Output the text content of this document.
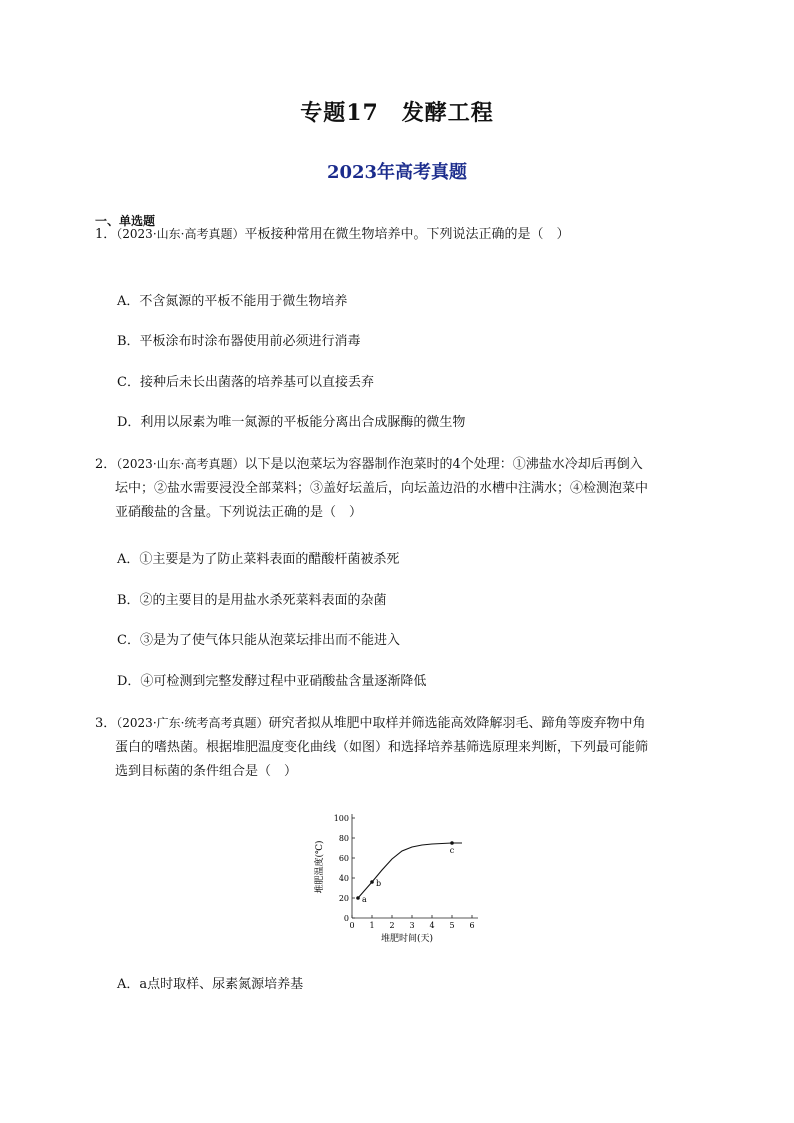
专题17　发酵工程
2023年高考真题
一、单选题
1．（2023·山东·高考真题）平板接种常用在微生物培养中。下列说法正确的是（　）
A．不含氮源的平板不能用于微生物培养
B．平板涂布时涂布器使用前必须进行消毒
C．接种后未长出菌落的培养基可以直接丢弃
D．利用以尿素为唯一氮源的平板能分离出合成脲酶的微生物
2．（2023·山东·高考真题）以下是以泡菜坛为容器制作泡菜时的4个处理：①沸盐水冷却后再倒入
坛中；②盐水需要浸没全部菜料；③盖好坛盖后，向坛盖边沿的水槽中注满水；④检测泡菜中
亚硝酸盐的含量。下列说法正确的是（　）
A．①主要是为了防止菜料表面的醋酸杆菌被杀死
B．②的主要目的是用盐水杀死菜料表面的杂菌
C．③是为了使气体只能从泡菜坛排出而不能进入
D．④可检测到完整发酵过程中亚硝酸盐含量逐渐降低
3．（2023·广东·统考高考真题）研究者拟从堆肥中取样并筛选能高效降解羽毛、蹄角等废弃物中角
蛋白的嗜热菌。根据堆肥温度变化曲线（如图）和选择培养基筛选原理来判断，下列最可能筛
选到目标菌的条件组合是（　）
0 1 2 3 4 5 6
0
20
40
60
80
100
a
b
c
堆肥时间(天)
堆肥温度(℃)
A．a点时取样、尿素氮源培养基
